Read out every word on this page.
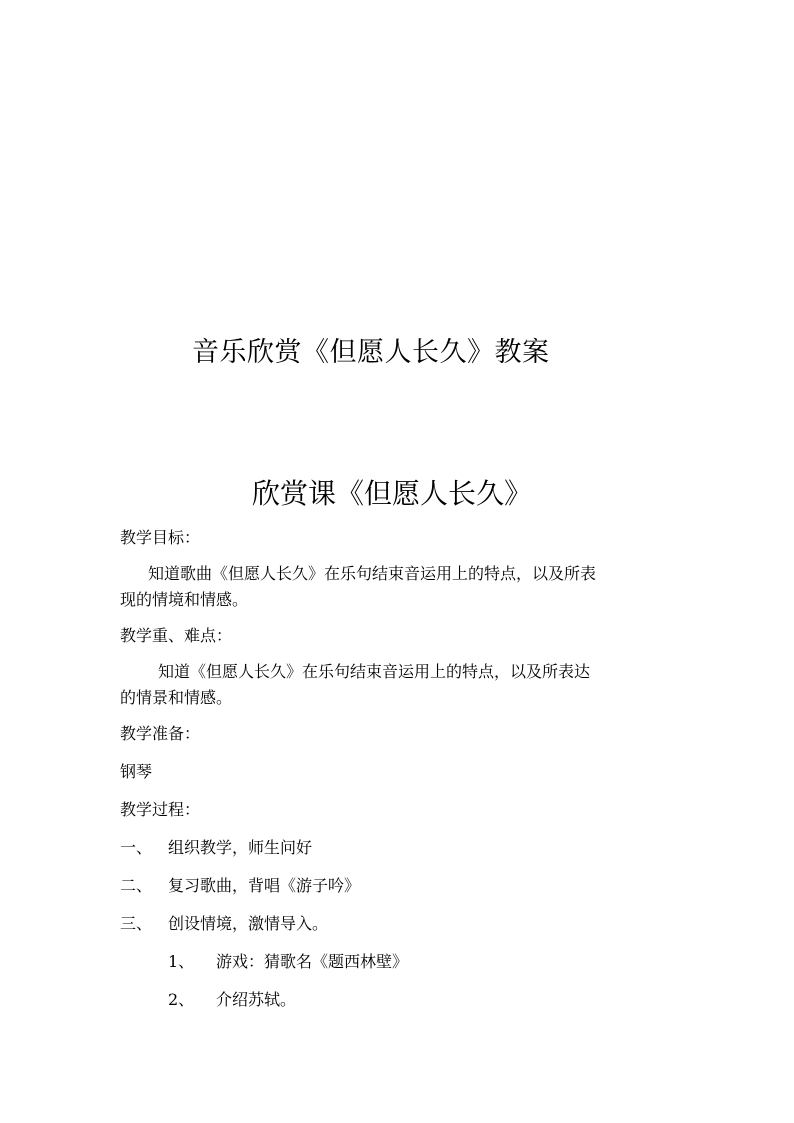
音乐欣赏《但愿人长久》教案
欣赏课《但愿人长久》
教学目标：
知道歌曲《但愿人长久》在乐句结束音运用上的特点，以及所表
现的情境和情感。
教学重、难点：
知道《但愿人长久》在乐句结束音运用上的特点，以及所表达
的情景和情感。
教学准备：
钢琴
教学过程：
一、 组织教学，师生问好
二、 复习歌曲，背唱《游子吟》
三、 创设情境，激情导入。
1、 游戏：猜歌名《题西林壁》
2、 介绍苏轼。
